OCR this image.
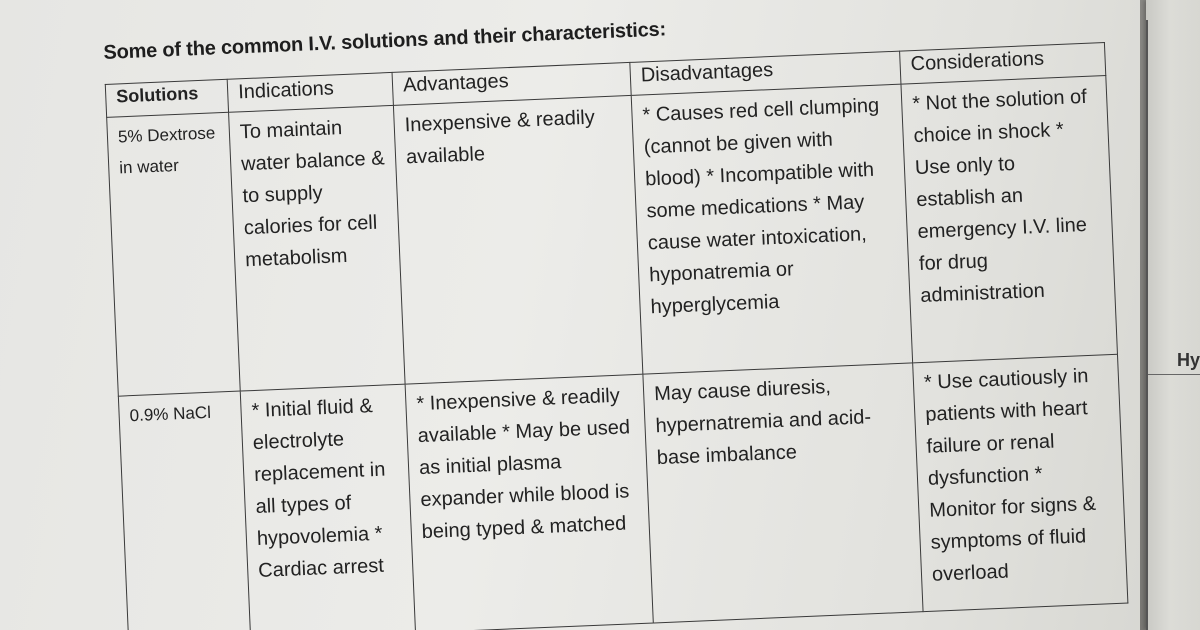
Some of the common I.V. solutions and their characteristics:
Solutions	Indications	Advantages	Disadvantages	Considerations
5% Dextrose in water	To maintain water balance & to supply calories for cell metabolism	Inexpensive & readily available	* Causes red cell clumping (cannot be given with blood) * Incompatible with some medications * May cause water intoxication, hyponatremia or hyperglycemia	* Not the solution of choice in shock * Use only to establish an emergency I.V. line for drug administration
0.9% NaCl	* Initial fluid & electrolyte replacement in all types of hypovolemia * Cardiac arrest	* Inexpensive & readily available * May be used as initial plasma expander while blood is being typed & matched	May cause diuresis, hypernatremia and acid-base imbalance	* Use cautiously in patients with heart failure or renal dysfunction * Monitor for signs & symptoms of fluid overload
Hy
